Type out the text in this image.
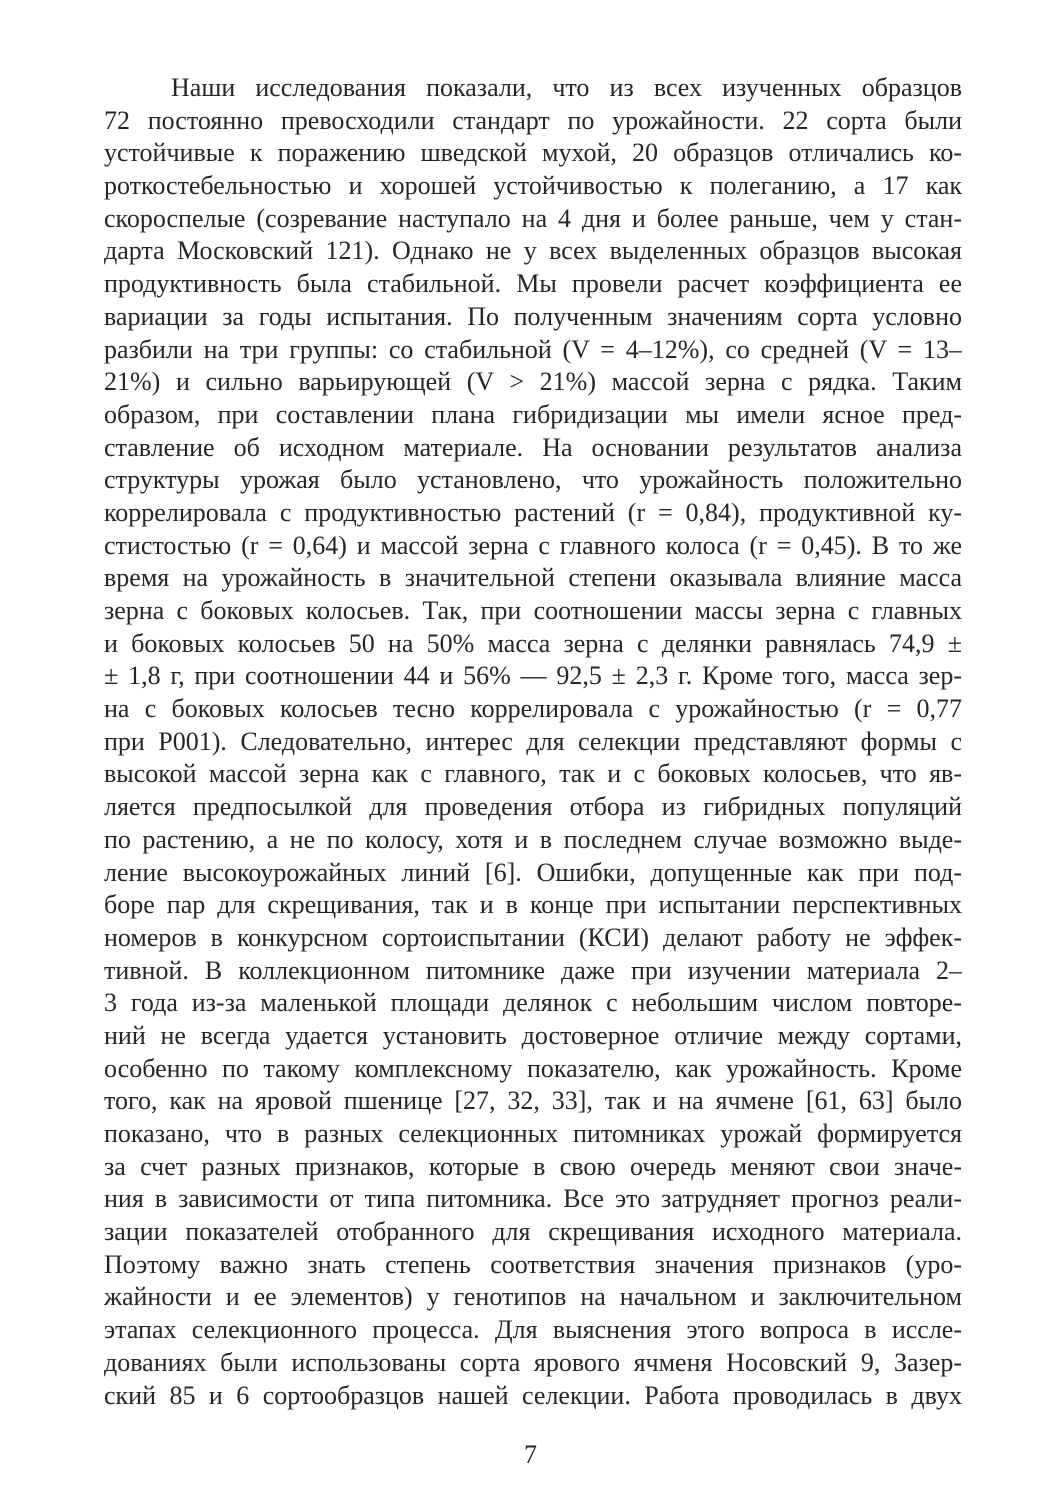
Наши исследования показали, что из всех изученных образцов
72 постоянно превосходили стандарт по урожайности. 22 сорта были
устойчивые к поражению шведской мухой, 20 образцов отличались ко-
роткостебельностью и хорошей устойчивостью к полеганию, а 17 как
скороспелые (созревание наступало на 4 дня и более раньше, чем у стан-
дарта Московский 121). Однако не у всех выделенных образцов высокая
продуктивность была стабильной. Мы провели расчет коэффициента ее
вариации за годы испытания. По полученным значениям сорта условно
разбили на три группы: со стабильной (V = 4–12%), со средней (V = 13–
21%) и сильно варьирующей (V > 21%) массой зерна с рядка. Таким
образом, при составлении плана гибридизации мы имели ясное пред-
ставление об исходном материале. На основании результатов анализа
структуры урожая было установлено, что урожайность положительно
коррелировала с продуктивностью растений (r = 0,84), продуктивной ку-
стистостью (r = 0,64) и массой зерна с главного колоса (r = 0,45). В то же
время на урожайность в значительной степени оказывала влияние масса
зерна с боковых колосьев. Так, при соотношении массы зерна с главных
и боковых колосьев 50 на 50% масса зерна с делянки равнялась 74,9 ±
± 1,8 г, при соотношении 44 и 56% — 92,5 ± 2,3 г. Кроме того, масса зер-
на с боковых колосьев тесно коррелировала с урожайностью (r = 0,77
при P001). Следовательно, интерес для селекции представляют формы с
высокой массой зерна как с главного, так и с боковых колосьев, что яв-
ляется предпосылкой для проведения отбора из гибридных популяций
по растению, а не по колосу, хотя и в последнем случае возможно выде-
ление высокоурожайных линий [6]. Ошибки, допущенные как при под-
боре пар для скрещивания, так и в конце при испытании перспективных
номеров в конкурсном сортоиспытании (КСИ) делают работу не эффек-
тивной. В коллекционном питомнике даже при изучении материала 2–
3 года из-за маленькой площади делянок с небольшим числом повторе-
ний не всегда удается установить достоверное отличие между сортами,
особенно по такому комплексному показателю, как урожайность. Кроме
того, как на яровой пшенице [27, 32, 33], так и на ячмене [61, 63] было
показано, что в разных селекционных питомниках урожай формируется
за счет разных признаков, которые в свою очередь меняют свои значе-
ния в зависимости от типа питомника. Все это затрудняет прогноз реали-
зации показателей отобранного для скрещивания исходного материала.
Поэтому важно знать степень соответствия значения признаков (уро-
жайности и ее элементов) у генотипов на начальном и заключительном
этапах селекционного процесса. Для выяснения этого вопроса в иссле-
дованиях были использованы сорта ярового ячменя Носовский 9, Зазер-
ский 85 и 6 сортообразцов нашей селекции. Работа проводилась в двух
7
